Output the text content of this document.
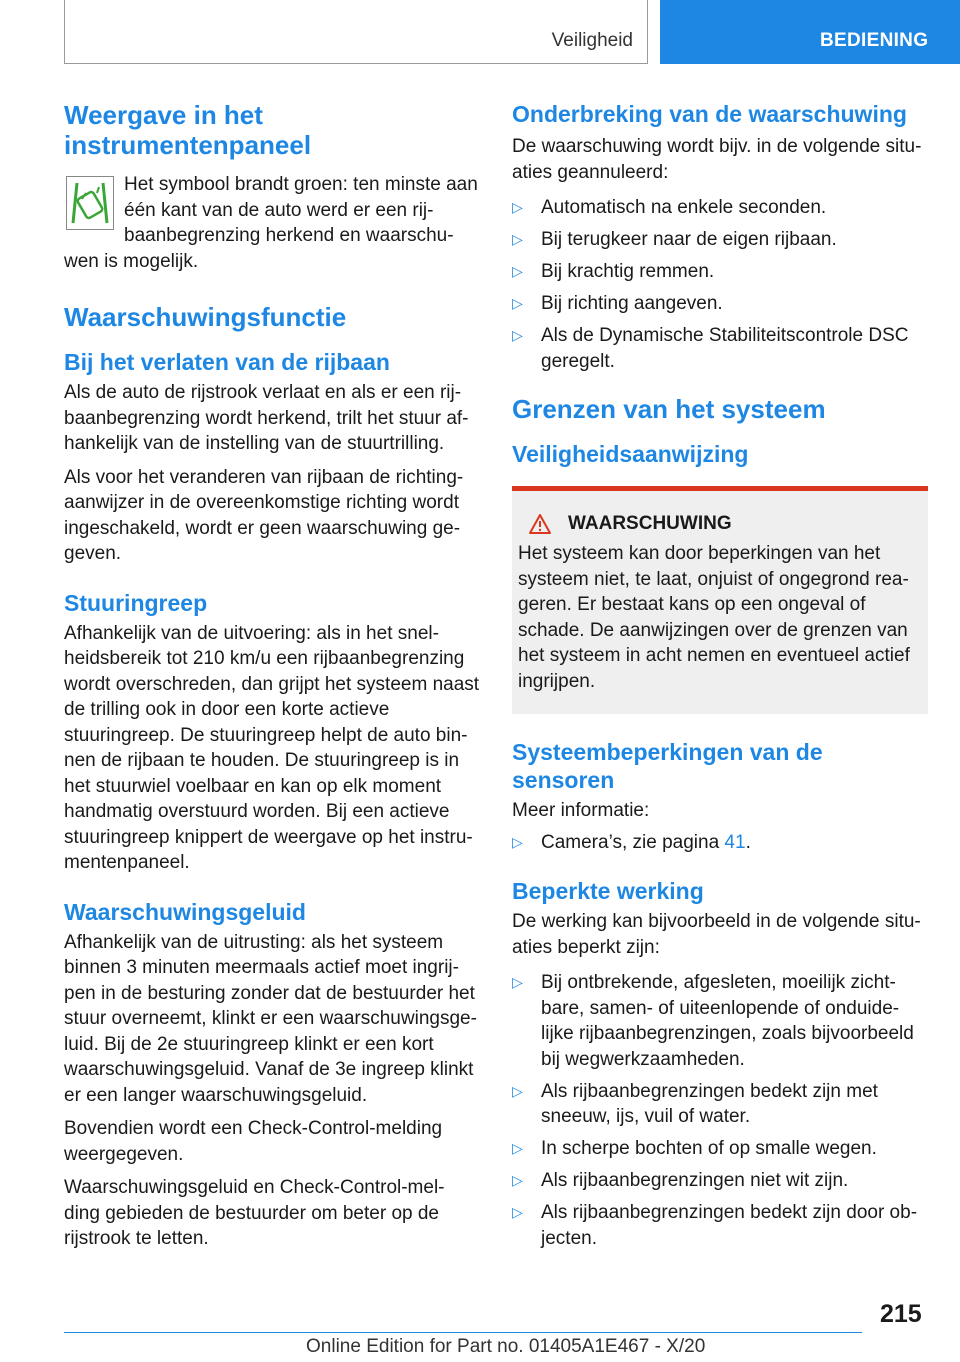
Veiligheid	BEDIENING
Weergave in het instrumentenpaneel
Het symbool brandt groen: ten minste aan één kant van de auto werd er een rij-baanbegrenzing herkend en waarschu-wen is mogelijk.
Waarschuwingsfunctie
Bij het verlaten van de rijbaan
Als de auto de rijstrook verlaat en als er een rij-baanbegrenzing wordt herkend, trilt het stuur af-hankelijk van de instelling van de stuurtrilling.
Als voor het veranderen van rijbaan de richting-aanwijzer in de overeenkomstige richting wordt ingeschakeld, wordt er geen waarschuwing ge-geven.
Stuuringreep
Afhankelijk van de uitvoering: als in het snel-heidsbereik tot 210 km/u een rijbaanbegrenzing wordt overschreden, dan grijpt het systeem naast de trilling ook in door een korte actieve stuuringreep. De stuuringreep helpt de auto bin-nen de rijbaan te houden. De stuuringreep is in het stuurwiel voelbaar en kan op elk moment handmatig overstuurd worden. Bij een actieve stuuringreep knippert de weergave op het instru-mentenpaneel.
Waarschuwingsgeluid
Afhankelijk van de uitrusting: als het systeem binnen 3 minuten meermaals actief moet ingrij-pen in de besturing zonder dat de bestuurder het stuur overneemt, klinkt er een waarschuwingsge-luid. Bij de 2e stuuringreep klinkt er een kort waarschuwingsgeluid. Vanaf de 3e ingreep klinkt er een langer waarschuwingsgeluid.
Bovendien wordt een Check-Control-melding weergegeven.
Waarschuwingsgeluid en Check-Control-mel-ding gebieden de bestuurder om beter op de rijstrook te letten.
Onderbreking van de waarschuwing
De waarschuwing wordt bijv. in de volgende situ-aties geannuleerd:
▷ Automatisch na enkele seconden.
▷ Bij terugkeer naar de eigen rijbaan.
▷ Bij krachtig remmen.
▷ Bij richting aangeven.
▷ Als de Dynamische Stabiliteitscontrole DSC geregelt.
Grenzen van het systeem
Veiligheidsaanwijzing
WAARSCHUWING
Het systeem kan door beperkingen van het systeem niet, te laat, onjuist of ongegrond rea-geren. Er bestaat kans op een ongeval of schade. De aanwijzingen over de grenzen van het systeem in acht nemen en eventueel actief ingrijpen.
Systeembeperkingen van de sensoren
Meer informatie:
▷ Camera’s, zie pagina 41.
Beperkte werking
De werking kan bijvoorbeeld in de volgende situ-aties beperkt zijn:
▷ Bij ontbrekende, afgesleten, moeilijk zicht-bare, samen- of uiteenlopende of onduide-lijke rijbaanbegrenzingen, zoals bijvoorbeeld bij wegwerkzaamheden.
▷ Als rijbaanbegrenzingen bedekt zijn met sneeuw, ijs, vuil of water.
▷ In scherpe bochten of op smalle wegen.
▷ Als rijbaanbegrenzingen niet wit zijn.
▷ Als rijbaanbegrenzingen bedekt zijn door ob-jecten.
215
Online Edition for Part no. 01405A1E467 - X/20
